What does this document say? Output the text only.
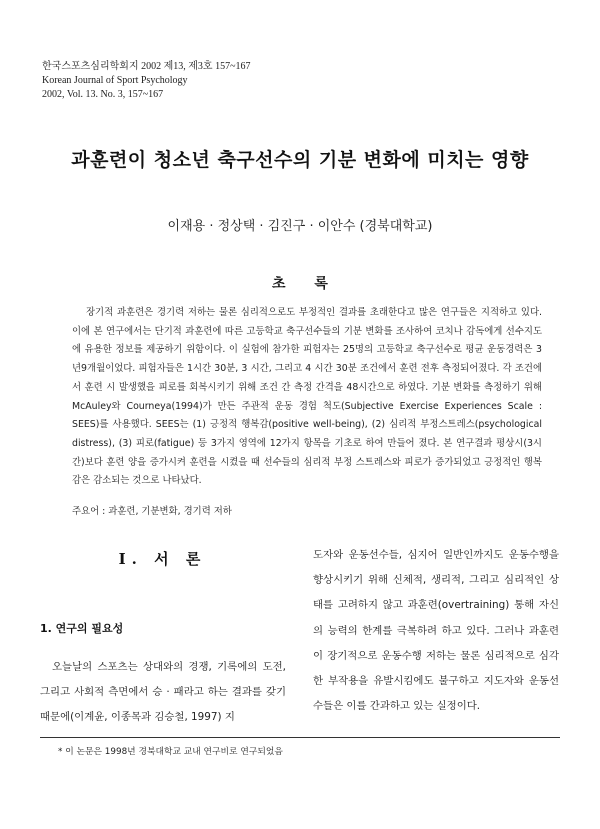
한국스포츠심리학회지 2002 제13, 제3호 157~167
Korean Journal of Sport Psychology
2002, Vol. 13. No. 3, 157~167
과훈련이 청소년 축구선수의 기분 변화에 미치는 영향
이재용 · 정상택 · 김진구 · 이안수 (경북대학교)
초 록
장기적 과훈련은 경기력 저하는 물론 심리적으로도 부정적인 결과를 초래한다고 많은 연구들은 지적하고 있다. 이에 본 연구에서는 단기적 과훈련에 따른 고등학교 축구선수들의 기분 변화를 조사하여 코치나 감독에게 선수지도에 유용한 정보를 제공하기 위함이다. 이 실험에 참가한 피험자는 25명의 고등학교 축구선수로 평균 운동경력은 3년9개월이었다. 피험자들은 1시간 30분, 3 시간, 그리고 4 시간 30분 조건에서 훈련 전후 측정되어졌다. 각 조건에서 훈련 시 발생했을 피로를 회복시키기 위해 조건 간 측정 간격을 48시간으로 하였다. 기분 변화를 측정하기 위해 McAuley와 Courneya(1994)가 만든 주관적 운동 경험 척도(Subjective Exercise Experiences Scale : SEES)를 사용했다. SEES는 (1) 긍정적 행복감(positive well-being), (2) 심리적 부정스트레스(psychological distress), (3) 피로(fatigue) 등 3가지 영역에 12가지 항목을 기초로 하여 만들어 졌다. 본 연구결과 평상시(3시간)보다 훈련 양을 증가시켜 훈련을 시켰을 때 선수들의 심리적 부정 스트레스와 피로가 증가되었고 긍정적인 행복감은 감소되는 것으로 나타났다.
주요어 : 과훈련, 기분변화, 경기력 저하
Ⅰ. 서 론
1. 연구의 필요성
오늘날의 스포츠는 상대와의 경쟁, 기록에의 도전, 그리고 사회적 측면에서 승 · 패라고 하는 결과를 갖기 때문에(이계윤, 이종목과 김승철, 1997) 지
도자와 운동선수들, 심지어 일반인까지도 운동수행을 향상시키기 위해 신체적, 생리적, 그리고 심리적인 상태를 고려하지 않고 과훈련(overtraining) 통해 자신의 능력의 한계를 극복하려 하고 있다. 그러나 과훈련이 장기적으로 운동수행 저하는 물론 심리적으로 심각한 부작용을 유발시킴에도 불구하고 지도자와 운동선수들은 이를 간과하고 있는 실정이다.
* 이 논문은 1998년 경북대학교 교내 연구비로 연구되었음
